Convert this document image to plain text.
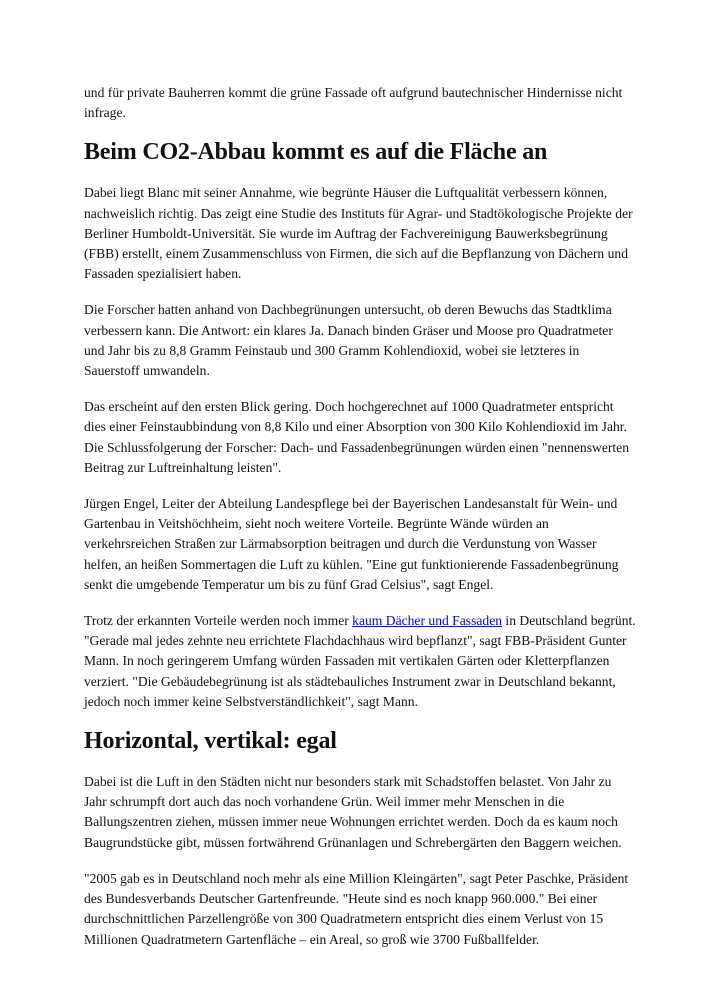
und für private Bauherren kommt die grüne Fassade oft aufgrund bautechnischer Hindernisse nicht infrage.

Beim CO2-Abbau kommt es auf die Fläche an

Dabei liegt Blanc mit seiner Annahme, wie begrünte Häuser die Luftqualität verbessern können, nachweislich richtig. Das zeigt eine Studie des Instituts für Agrar- und Stadtökologische Projekte der Berliner Humboldt-Universität. Sie wurde im Auftrag der Fachvereinigung Bauwerksbegrünung (FBB) erstellt, einem Zusammenschluss von Firmen, die sich auf die Bepflanzung von Dächern und Fassaden spezialisiert haben.

Die Forscher hatten anhand von Dachbegrünungen untersucht, ob deren Bewuchs das Stadtklima verbessern kann. Die Antwort: ein klares Ja. Danach binden Gräser und Moose pro Quadratmeter und Jahr bis zu 8,8 Gramm Feinstaub und 300 Gramm Kohlendioxid, wobei sie letzteres in Sauerstoff umwandeln.

Das erscheint auf den ersten Blick gering. Doch hochgerechnet auf 1000 Quadratmeter entspricht dies einer Feinstaubbindung von 8,8 Kilo und einer Absorption von 300 Kilo Kohlendioxid im Jahr. Die Schlussfolgerung der Forscher: Dach- und Fassadenbegrünungen würden einen "nennenswerten Beitrag zur Luftreinhaltung leisten".

Jürgen Engel, Leiter der Abteilung Landespflege bei der Bayerischen Landesanstalt für Wein- und Gartenbau in Veitshöchheim, sieht noch weitere Vorteile. Begrünte Wände würden an verkehrsreichen Straßen zur Lärmabsorption beitragen und durch die Verdunstung von Wasser helfen, an heißen Sommertagen die Luft zu kühlen. "Eine gut funktionierende Fassadenbegrünung senkt die umgebende Temperatur um bis zu fünf Grad Celsius", sagt Engel.

Trotz der erkannten Vorteile werden noch immer kaum Dächer und Fassaden in Deutschland begrünt. "Gerade mal jedes zehnte neu errichtete Flachdachhaus wird bepflanzt", sagt FBB-Präsident Gunter Mann. In noch geringerem Umfang würden Fassaden mit vertikalen Gärten oder Kletterpflanzen verziert. "Die Gebäudebegrünung ist als städtebauliches Instrument zwar in Deutschland bekannt, jedoch noch immer keine Selbstverständlichkeit", sagt Mann.

Horizontal, vertikal: egal

Dabei ist die Luft in den Städten nicht nur besonders stark mit Schadstoffen belastet. Von Jahr zu Jahr schrumpft dort auch das noch vorhandene Grün. Weil immer mehr Menschen in die Ballungszentren ziehen, müssen immer neue Wohnungen errichtet werden. Doch da es kaum noch Baugrundstücke gibt, müssen fortwährend Grünanlagen und Schrebergärten den Baggern weichen.

"2005 gab es in Deutschland noch mehr als eine Million Kleingärten", sagt Peter Paschke, Präsident des Bundesverbands Deutscher Gartenfreunde. "Heute sind es noch knapp 960.000." Bei einer durchschnittlichen Parzellengröße von 300 Quadratmetern entspricht dies einem Verlust von 15 Millionen Quadratmetern Gartenfläche – ein Areal, so groß wie 3700 Fußballfelder.
